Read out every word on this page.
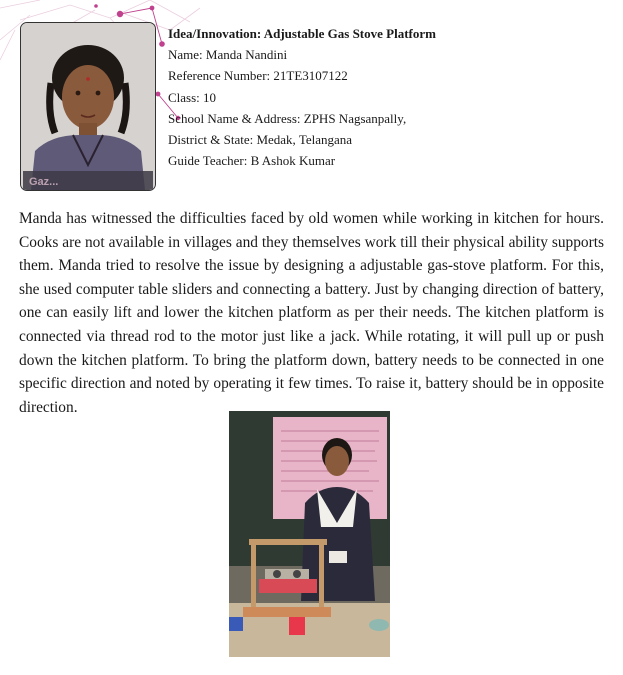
Gaz...
Idea/Innovation: Adjustable Gas Stove Platform
Name: Manda Nandini
Reference Number: 21TE3107122
Class: 10
School Name & Address: ZPHS Nagsanpally,
District & State: Medak, Telangana
Guide Teacher: B Ashok Kumar
Manda has witnessed the difficulties faced by old women while working in kitchen for hours. Cooks are not available in villages and they themselves work till their physical ability supports them. Manda tried to resolve the issue by designing a adjustable gas-stove platform. For this, she used computer table sliders and connecting a battery. Just by changing direction of battery, one can easily lift and lower the kitchen platform as per their needs. The kitchen platform is connected via thread rod to the motor just like a jack. While rotating, it will pull up or push down the kitchen platform. To bring the platform down, battery needs to be connected in one specific direction and noted by operating it few times. To raise it, battery should be in opposite direction.
